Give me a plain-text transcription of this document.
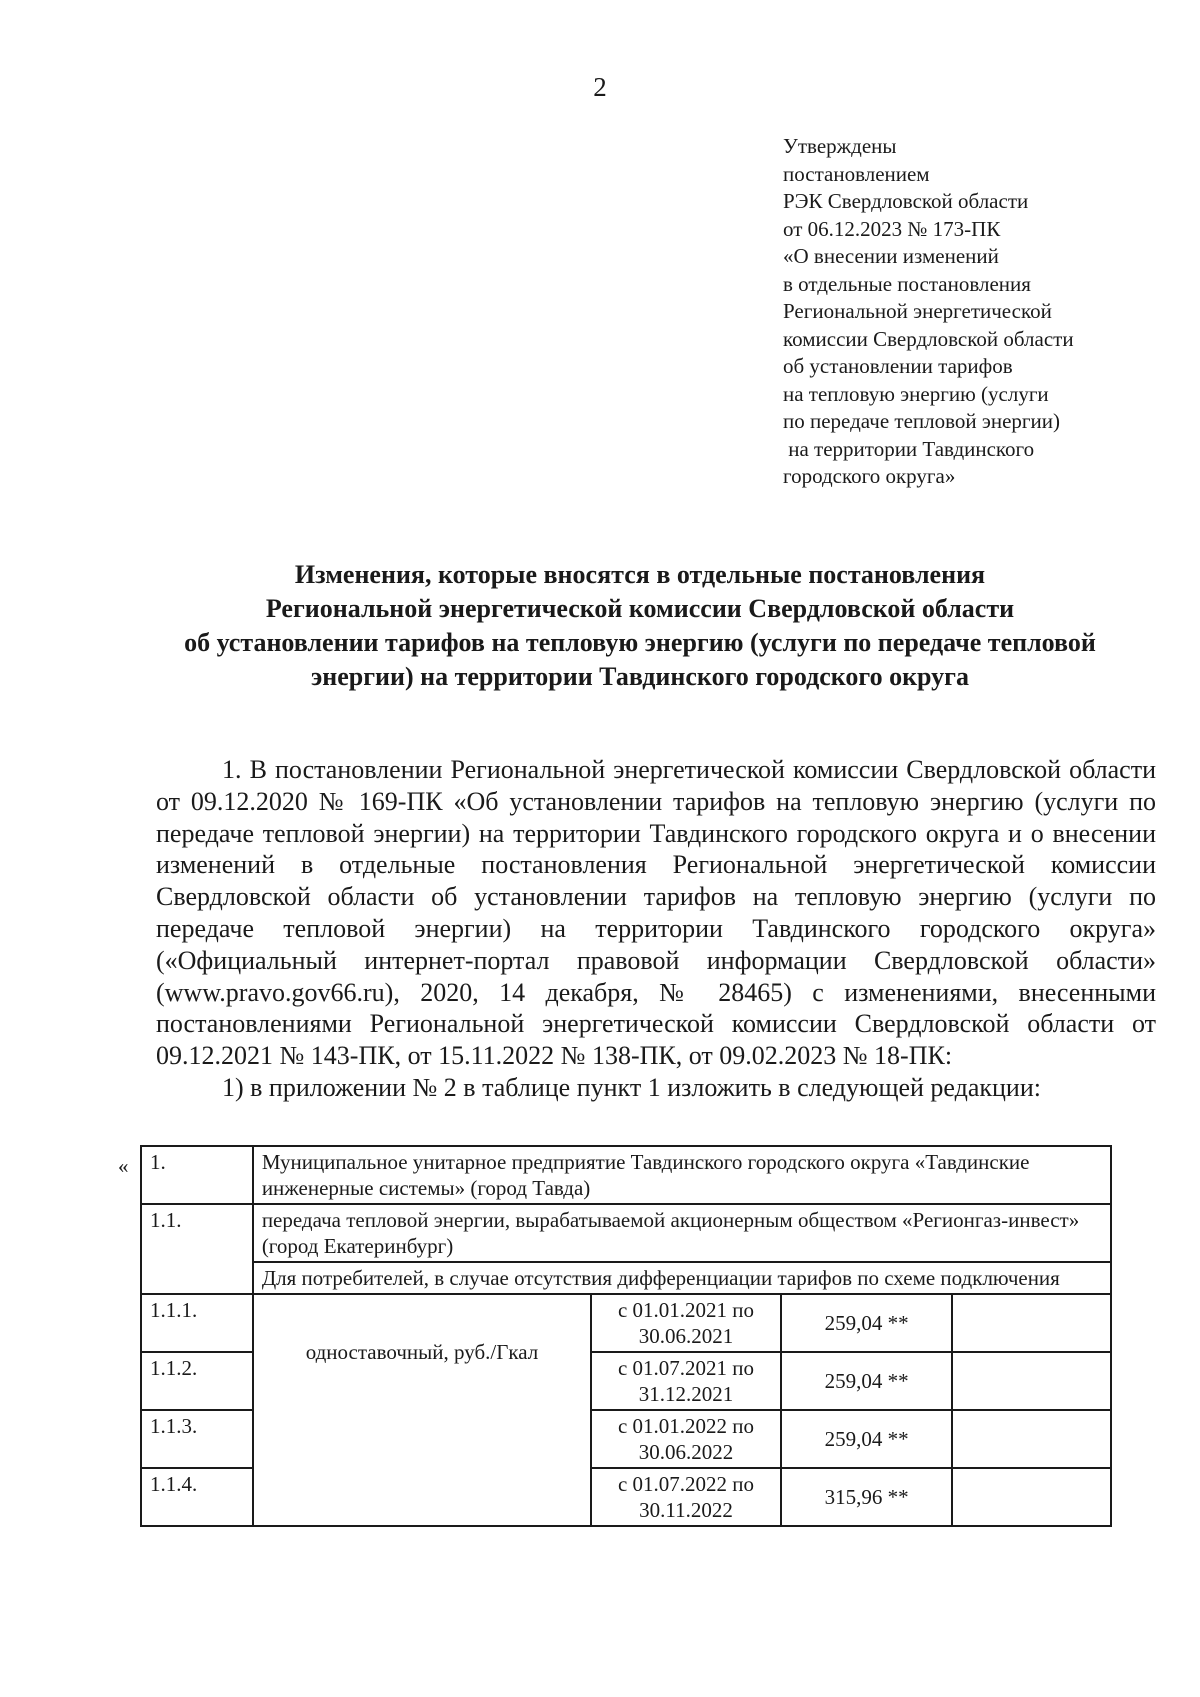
2
Утверждены
постановлением
РЭК Свердловской области
от 06.12.2023 № 173-ПК
«О внесении изменений
в отдельные постановления
Региональной энергетической
комиссии Свердловской области
об установлении тарифов
на тепловую энергию (услуги
по передаче тепловой энергии)
на территории Тавдинского
городского округа»
Изменения, которые вносятся в отдельные постановления
Региональной энергетической комиссии Свердловской области
об установлении тарифов на тепловую энергию (услуги по передаче тепловой
энергии) на территории Тавдинского городского округа

1. В постановлении Региональной энергетической комиссии Свердловской области от 09.12.2020 № 169-ПК «Об установлении тарифов на тепловую энергию (услуги по передаче тепловой энергии) на территории Тавдинского городского округа и о внесении изменений в отдельные постановления Региональной энергетической комиссии Свердловской области об установлении тарифов на тепловую энергию (услуги по передаче тепловой энергии) на территории Тавдинского городского округа» («Официальный интернет-портал правовой информации Свердловской области» (www.pravo.gov66.ru), 2020, 14 декабря, № 28465) с изменениями, внесенными постановлениями Региональной энергетической комиссии Свердловской области от 09.12.2021 № 143-ПК, от 15.11.2022 № 138-ПК, от 09.02.2023 № 18-ПК:

1) в приложении № 2 в таблице пункт 1 изложить в следующей редакции:

« 1.	Муниципальное унитарное предприятие Тавдинского городского округа «Тавдинские инженерные системы» (город Тавда)			
1.1.	передача тепловой энергии, вырабатываемой акционерным обществом «Регионгаз-инвест» (город Екатеринбург)			
	Для потребителей, в случае отсутствия дифференциации тарифов по схеме подключения			
1.1.1.	одноставочный, руб./Гкал	с 01.01.2021 по 30.06.2021	259,04 **	
1.1.2.		с 01.07.2021 по 31.12.2021	259,04 **	
1.1.3.		с 01.01.2022 по 30.06.2022	259,04 **	
1.1.4.		с 01.07.2022 по 30.11.2022	315,96 **	
